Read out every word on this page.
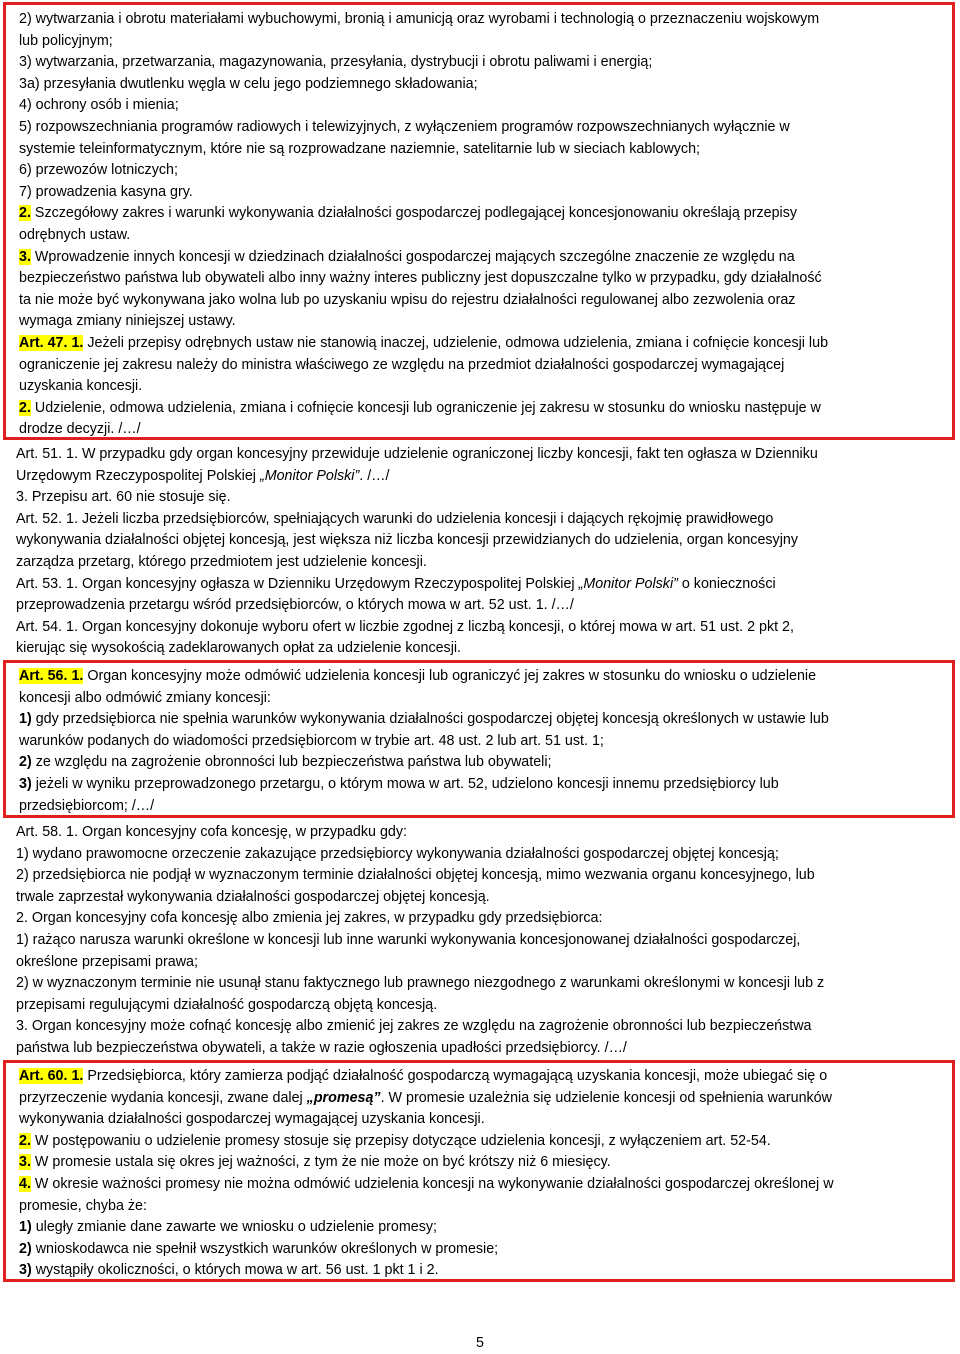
2) wytwarzania i obrotu materiałami wybuchowymi, bronią i amunicją oraz wyrobami i technologią o przeznaczeniu wojskowym
lub policyjnym;
3) wytwarzania, przetwarzania, magazynowania, przesyłania, dystrybucji i obrotu paliwami i energią;
3a) przesyłania dwutlenku węgla w celu jego podziemnego składowania;
4) ochrony osób i mienia;
5) rozpowszechniania programów radiowych i telewizyjnych, z wyłączeniem programów rozpowszechnianych wyłącznie w
systemie teleinformatycznym, które nie są rozprowadzane naziemnie, satelitarnie lub w sieciach kablowych;
6) przewozów lotniczych;
7) prowadzenia kasyna gry.
2. Szczegółowy zakres i warunki wykonywania działalności gospodarczej podlegającej koncesjonowaniu określają przepisy
odrębnych ustaw.
3. Wprowadzenie innych koncesji w dziedzinach działalności gospodarczej mających szczególne znaczenie ze względu na
bezpieczeństwo państwa lub obywateli albo inny ważny interes publiczny jest dopuszczalne tylko w przypadku, gdy działalność
ta nie może być wykonywana jako wolna lub po uzyskaniu wpisu do rejestru działalności regulowanej albo zezwolenia oraz
wymaga zmiany niniejszej ustawy.
Art. 47. 1. Jeżeli przepisy odrębnych ustaw nie stanowią inaczej, udzielenie, odmowa udzielenia, zmiana i cofnięcie koncesji lub
ograniczenie jej zakresu należy do ministra właściwego ze względu na przedmiot działalności gospodarczej wymagającej
uzyskania koncesji.
2. Udzielenie, odmowa udzielenia, zmiana i cofnięcie koncesji lub ograniczenie jej zakresu w stosunku do wniosku następuje w
drodze decyzji. /…/
Art. 51. 1. W przypadku gdy organ koncesyjny przewiduje udzielenie ograniczonej liczby koncesji, fakt ten ogłasza w Dzienniku
Urzędowym Rzeczypospolitej Polskiej „Monitor Polski”. /…/
3. Przepisu art. 60 nie stosuje się.
Art. 52. 1. Jeżeli liczba przedsiębiorców, spełniających warunki do udzielenia koncesji i dających rękojmię prawidłowego
wykonywania działalności objętej koncesją, jest większa niż liczba koncesji przewidzianych do udzielenia, organ koncesyjny
zarządza przetarg, którego przedmiotem jest udzielenie koncesji.
Art. 53. 1. Organ koncesyjny ogłasza w Dzienniku Urzędowym Rzeczypospolitej Polskiej „Monitor Polski” o konieczności
przeprowadzenia przetargu wśród przedsiębiorców, o których mowa w art. 52 ust. 1. /…/
Art. 54. 1. Organ koncesyjny dokonuje wyboru ofert w liczbie zgodnej z liczbą koncesji, o której mowa w art. 51 ust. 2 pkt 2,
kierując się wysokością zadeklarowanych opłat za udzielenie koncesji.
Art. 56. 1. Organ koncesyjny może odmówić udzielenia koncesji lub ograniczyć jej zakres w stosunku do wniosku o udzielenie
koncesji albo odmówić zmiany koncesji:
1) gdy przedsiębiorca nie spełnia warunków wykonywania działalności gospodarczej objętej koncesją określonych w ustawie lub
warunków podanych do wiadomości przedsiębiorcom w trybie art. 48 ust. 2 lub art. 51 ust. 1;
2) ze względu na zagrożenie obronności lub bezpieczeństwa państwa lub obywateli;
3) jeżeli w wyniku przeprowadzonego przetargu, o którym mowa w art. 52, udzielono koncesji innemu przedsiębiorcy lub
przedsiębiorcom; /…/
Art. 58. 1. Organ koncesyjny cofa koncesję, w przypadku gdy:
1) wydano prawomocne orzeczenie zakazujące przedsiębiorcy wykonywania działalności gospodarczej objętej koncesją;
2) przedsiębiorca nie podjął w wyznaczonym terminie działalności objętej koncesją, mimo wezwania organu koncesyjnego, lub
trwale zaprzestał wykonywania działalności gospodarczej objętej koncesją.
2. Organ koncesyjny cofa koncesję albo zmienia jej zakres, w przypadku gdy przedsiębiorca:
1) rażąco narusza warunki określone w koncesji lub inne warunki wykonywania koncesjonowanej działalności gospodarczej,
określone przepisami prawa;
2) w wyznaczonym terminie nie usunął stanu faktycznego lub prawnego niezgodnego z warunkami określonymi w koncesji lub z
przepisami regulującymi działalność gospodarczą objętą koncesją.
3. Organ koncesyjny może cofnąć koncesję albo zmienić jej zakres ze względu na zagrożenie obronności lub bezpieczeństwa
państwa lub bezpieczeństwa obywateli, a także w razie ogłoszenia upadłości przedsiębiorcy. /…/
Art. 60. 1. Przedsiębiorca, który zamierza podjąć działalność gospodarczą wymagającą uzyskania koncesji, może ubiegać się o
przyrzeczenie wydania koncesji, zwane dalej „promesą”. W promesie uzależnia się udzielenie koncesji od spełnienia warunków
wykonywania działalności gospodarczej wymagającej uzyskania koncesji.
2. W postępowaniu o udzielenie promesy stosuje się przepisy dotyczące udzielenia koncesji, z wyłączeniem art. 52-54.
3. W promesie ustala się okres jej ważności, z tym że nie może on być krótszy niż 6 miesięcy.
4. W okresie ważności promesy nie można odmówić udzielenia koncesji na wykonywanie działalności gospodarczej określonej w
promesie, chyba że:
1) uległy zmianie dane zawarte we wniosku o udzielenie promesy;
2) wnioskodawca nie spełnił wszystkich warunków określonych w promesie;
3) wystąpiły okoliczności, o których mowa w art. 56 ust. 1 pkt 1 i 2.
5
